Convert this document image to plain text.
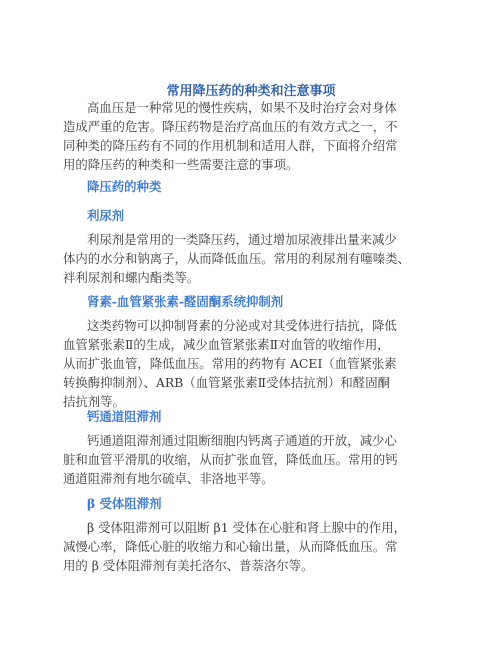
常用降压药的种类和注意事项
高血压是一种常见的慢性疾病，如果不及时治疗会对身体
造成严重的危害。降压药物是治疗高血压的有效方式之一，不
同种类的降压药有不同的作用机制和适用人群，下面将介绍常
用的降压药的种类和一些需要注意的事项。
降压药的种类
利尿剂
利尿剂是常用的一类降压药，通过增加尿液排出量来减少
体内的水分和钠离子，从而降低血压。常用的利尿剂有噻嗪类、
袢利尿剂和螺内酯类等。
肾素-血管紧张素-醛固酮系统抑制剂
这类药物可以抑制肾素的分泌或对其受体进行拮抗，降低
血管紧张素Ⅱ的生成，减少血管紧张素Ⅱ对血管的收缩作用，
从而扩张血管，降低血压。常用的药物有 ACEI（血管紧张素
转换酶抑制剂）、ARB（血管紧张素Ⅱ受体拮抗剂）和醛固酮
拮抗剂等。
钙通道阻滞剂
钙通道阻滞剂通过阻断细胞内钙离子通道的开放，减少心
脏和血管平滑肌的收缩，从而扩张血管，降低血压。常用的钙
通道阻滞剂有地尔硫卓、非洛地平等。
β 受体阻滞剂
β 受体阻滞剂可以阻断 β1 受体在心脏和肾上腺中的作用，
减慢心率，降低心脏的收缩力和心输出量，从而降低血压。常
用的 β 受体阻滞剂有美托洛尔、普萘洛尔等。
